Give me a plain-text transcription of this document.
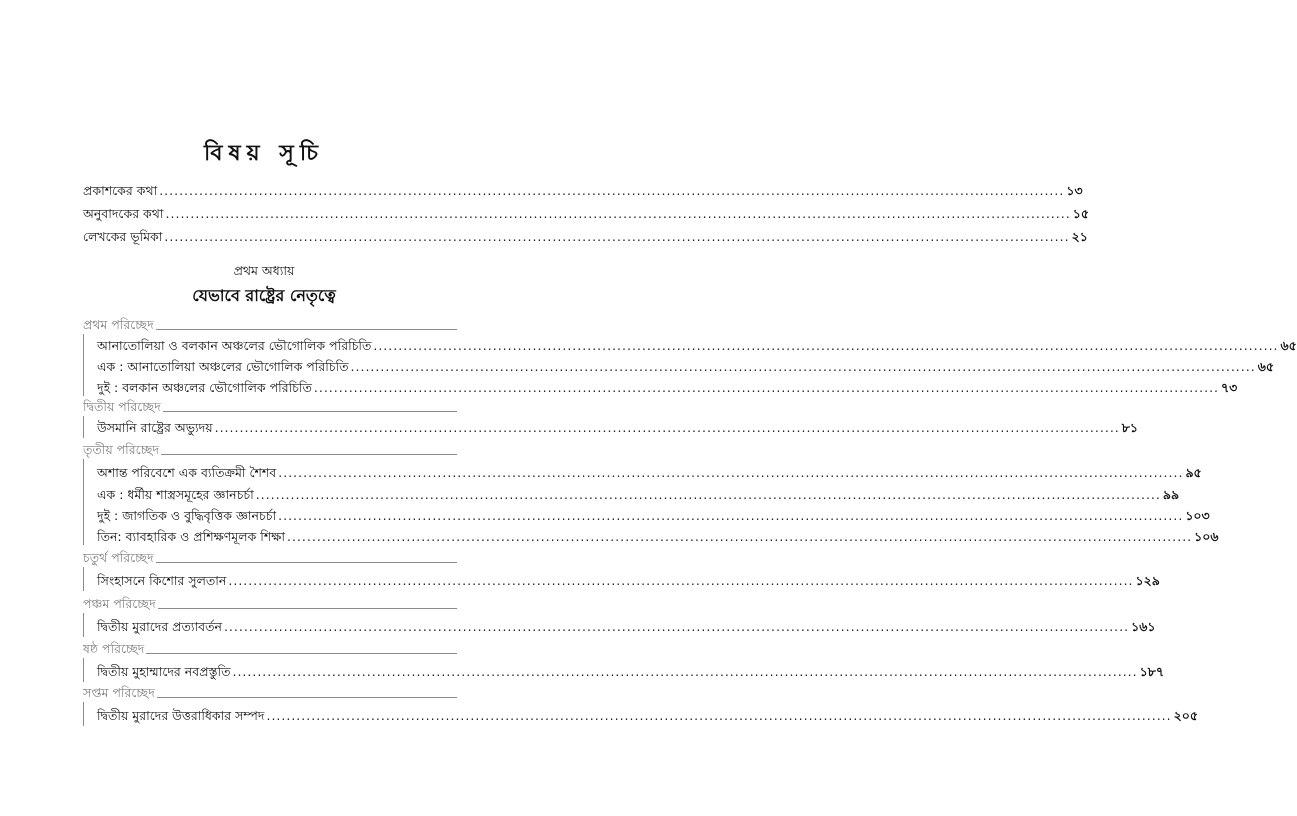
বিষয় সূচি
প্রকাশকের কথা ...................................................................................................................................................................................... ১৩
অনুবাদকের কথা ...................................................................................................................................................................................... ১৫
লেখকের ভূমিকা ...................................................................................................................................................................................... ২১
প্রথম অধ্যায়
যেভাবে রাষ্ট্রের নেতৃত্বে
প্রথম পরিচ্ছেদ
আনাতোলিয়া ও বলকান অঞ্চলের ভৌগোলিক পরিচিতি ...................................................................................................................................................................................... ৬৫
এক : আনাতোলিয়া অঞ্চলের ভৌগোলিক পরিচিতি ...................................................................................................................................................................................... ৬৫
দুই : বলকান অঞ্চলের ভৌগোলিক পরিচিতি ...................................................................................................................................................................................... ৭৩
দ্বিতীয় পরিচ্ছেদ
উসমানি রাষ্ট্রের অভ্যুদয় ...................................................................................................................................................................................... ৮১
তৃতীয় পরিচ্ছেদ
অশান্ত পরিবেশে এক ব্যতিক্রমী শৈশব ...................................................................................................................................................................................... ৯৫
এক : ধর্মীয় শাস্ত্রসমূহের জ্ঞানচর্চা ...................................................................................................................................................................................... ৯৯
দুই : জাগতিক ও বুদ্ধিবৃত্তিক জ্ঞানচর্চা ...................................................................................................................................................................................... ১০৩
তিন: ব্যাবহারিক ও প্রশিক্ষণমূলক শিক্ষা ...................................................................................................................................................................................... ১০৬
চতুর্থ পরিচ্ছেদ
সিংহাসনে কিশোর সুলতান ...................................................................................................................................................................................... ১২৯
পঞ্চম পরিচ্ছেদ
দ্বিতীয় মুরাদের প্রত্যাবর্তন ...................................................................................................................................................................................... ১৬১
ষষ্ঠ পরিচ্ছেদ
দ্বিতীয় মুহাম্মাদের নবপ্রস্তুতি ...................................................................................................................................................................................... ১৮৭
সপ্তম পরিচ্ছেদ
দ্বিতীয় মুরাদের উত্তরাধিকার সম্পদ ...................................................................................................................................................................................... ২০৫
